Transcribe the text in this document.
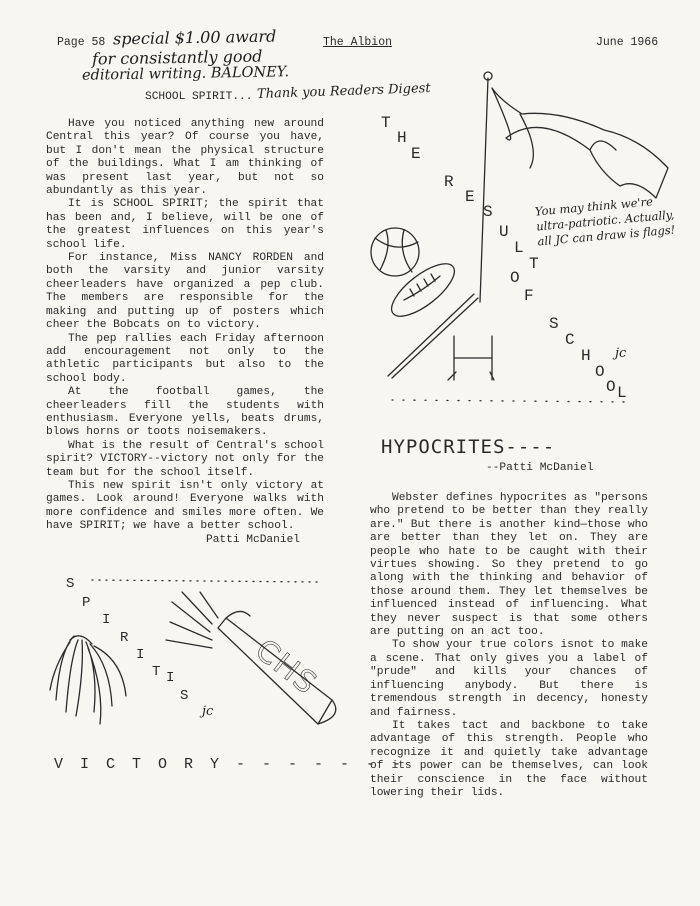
Page 58	The Albion	June 1966
special $1.00 award
for consistantly good
editorial writing. BALONEY.
Thank you Readers Digest
SCHOOL SPIRIT...

Have you noticed anything new around Central this year? Of course you have, but I don't mean the physical structure of the buildings. What I am thinking of was present last year, but not so abundantly as this year.

It is SCHOOL SPIRIT; the spirit that has been and, I believe, will be one of the greatest influences on this year's school life.

For instance, Miss NANCY RORDEN and both the varsity and junior varsity cheerleaders have organized a pep club. The members are responsible for the making and putting up of posters which cheer the Bobcats on to victory.

The pep rallies each Friday afternoon add encouragement not only to the athletic participants but also to the school body.

At the football games, the cheerleaders fill the students with enthusiasm. Everyone yells, beats drums, blows horns or toots noisemakers.

What is the result of Central's school spirit? VICTORY--victory not only for the team but for the school itself.

This new spirit isn't only victory at games. Look around! Everyone walks with more confidence and smiles more often. We have SPIRIT; we have a better school.

Patti McDaniel
S
P
I
R
I
T I
S
jc
CHS
V I C T O R Y - - - - - - -
T
H
E
R
E
S
U
L
T
O
F
S
C
H
O
O L
jc
You may think we're ultra-patriotic. Actually, all JC can draw is flags!
HYPOCRITES----
--Patti McDaniel

Webster defines hypocrites as "persons who pretend to be better than they really are." But there is another kind—those who are better than they let on. They are people who hate to be caught with their virtues showing. So they pretend to go along with the thinking and behavior of those around them. They let themselves be influenced instead of influencing. What they never suspect is that some others are putting on an act too.

To show your true colors isnot to make a scene. That only gives you a label of "prude" and kills your chances of influencing anybody. But there is tremendous strength in decency, honesty and fairness.

It takes tact and backbone to take advantage of this strength. People who recognize it and quietly take advantage of its power can be themselves, can look their conscience in the face without lowering their lids.
